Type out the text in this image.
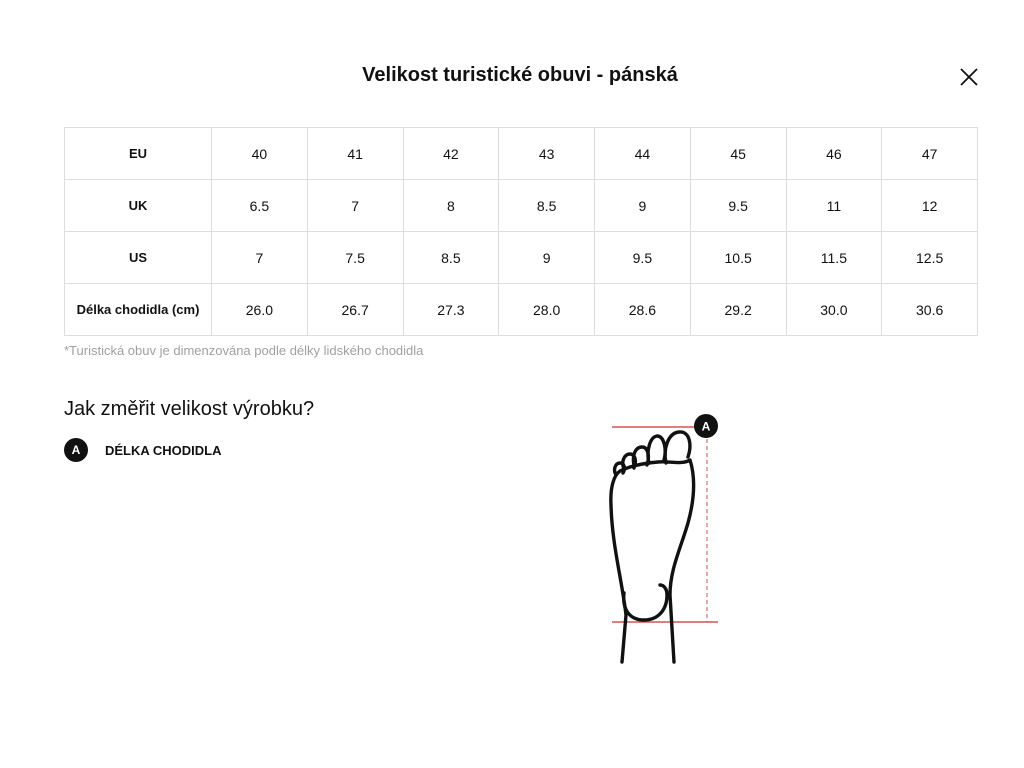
Velikost turistické obuvi - pánská
EU	40	41	42	43	44	45	46	47
UK	6.5	7	8	8.5	9	9.5	11	12
US	7	7.5	8.5	9	9.5	10.5	11.5	12.5
Délka chodidla (cm)	26.0	26.7	27.3	28.0	28.6	29.2	30.0	30.6
*Turistická obuv je dimenzována podle délky lidského chodidla
Jak změřit velikost výrobku?
A	DÉLKA CHODIDLA
A
